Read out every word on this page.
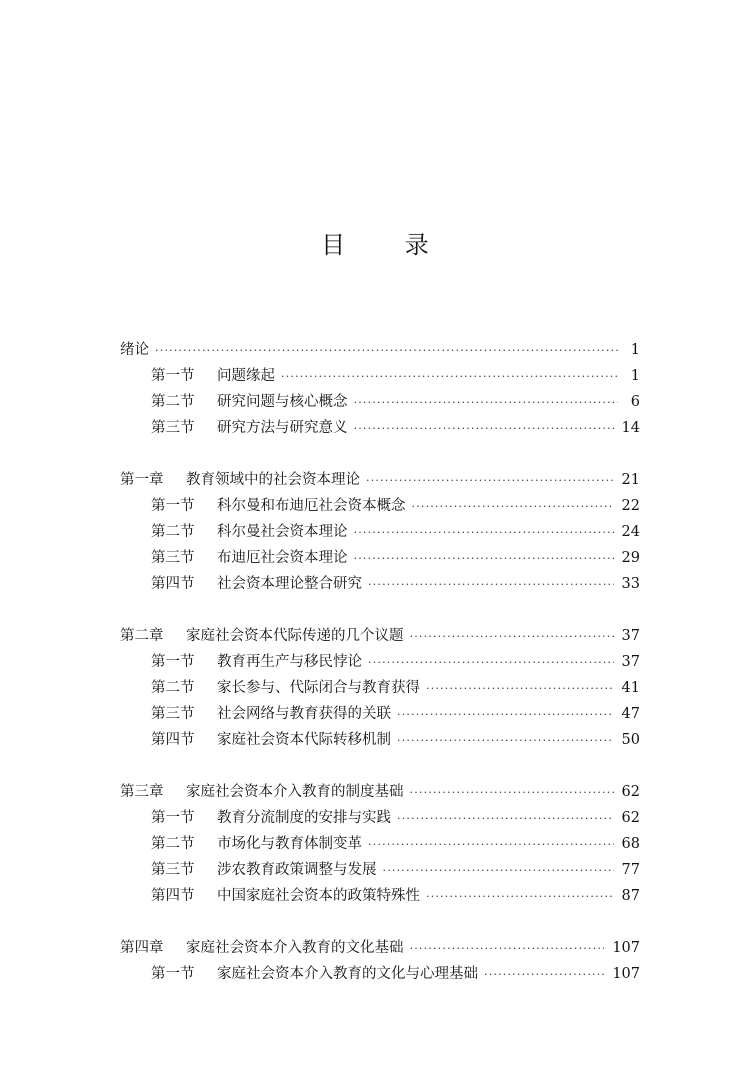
目 录
绪论 ·····	1
第一节	问题缘起 ·····	1
第二节	研究问题与核心概念 ·····	6
第三节	研究方法与研究意义 ·····	14
第一章	教育领域中的社会资本理论 ·····	21
第一节	科尔曼和布迪厄社会资本概念 ·····	22
第二节	科尔曼社会资本理论 ·····	24
第三节	布迪厄社会资本理论 ·····	29
第四节	社会资本理论整合研究 ·····	33
第二章	家庭社会资本代际传递的几个议题 ·····	37
第一节	教育再生产与移民悖论 ·····	37
第二节	家长参与、代际闭合与教育获得 ·····	41
第三节	社会网络与教育获得的关联 ·····	47
第四节	家庭社会资本代际转移机制 ·····	50
第三章	家庭社会资本介入教育的制度基础 ·····	62
第一节	教育分流制度的安排与实践 ·····	62
第二节	市场化与教育体制变革 ·····	68
第三节	涉农教育政策调整与发展 ·····	77
第四节	中国家庭社会资本的政策特殊性 ·····	87
第四章	家庭社会资本介入教育的文化基础 ·····	107
第一节	家庭社会资本介入教育的文化与心理基础 ·····	107
